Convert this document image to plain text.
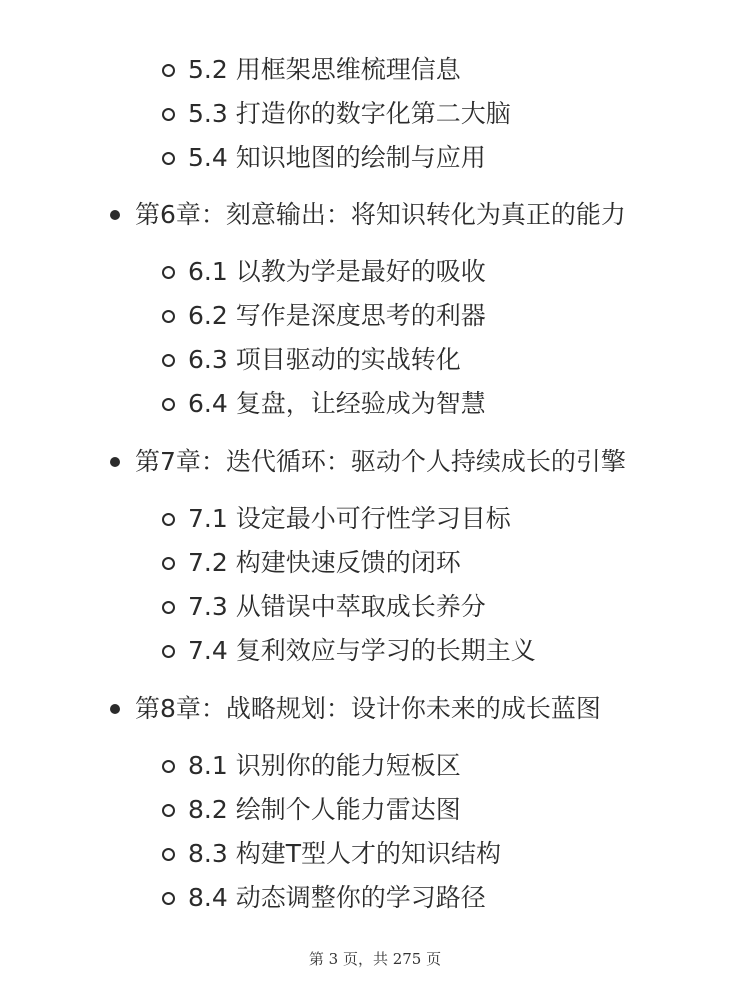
5.2 用框架思维梳理信息
5.3 打造你的数字化第二大脑
5.4 知识地图的绘制与应用
第6章：刻意输出：将知识转化为真正的能力
6.1 以教为学是最好的吸收
6.2 写作是深度思考的利器
6.3 项目驱动的实战转化
6.4 复盘，让经验成为智慧
第7章：迭代循环：驱动个人持续成长的引擎
7.1 设定最小可行性学习目标
7.2 构建快速反馈的闭环
7.3 从错误中萃取成长养分
7.4 复利效应与学习的长期主义
第8章：战略规划：设计你未来的成长蓝图
8.1 识别你的能力短板区
8.2 绘制个人能力雷达图
8.3 构建T型人才的知识结构
8.4 动态调整你的学习路径
第 3 页，共 275 页
